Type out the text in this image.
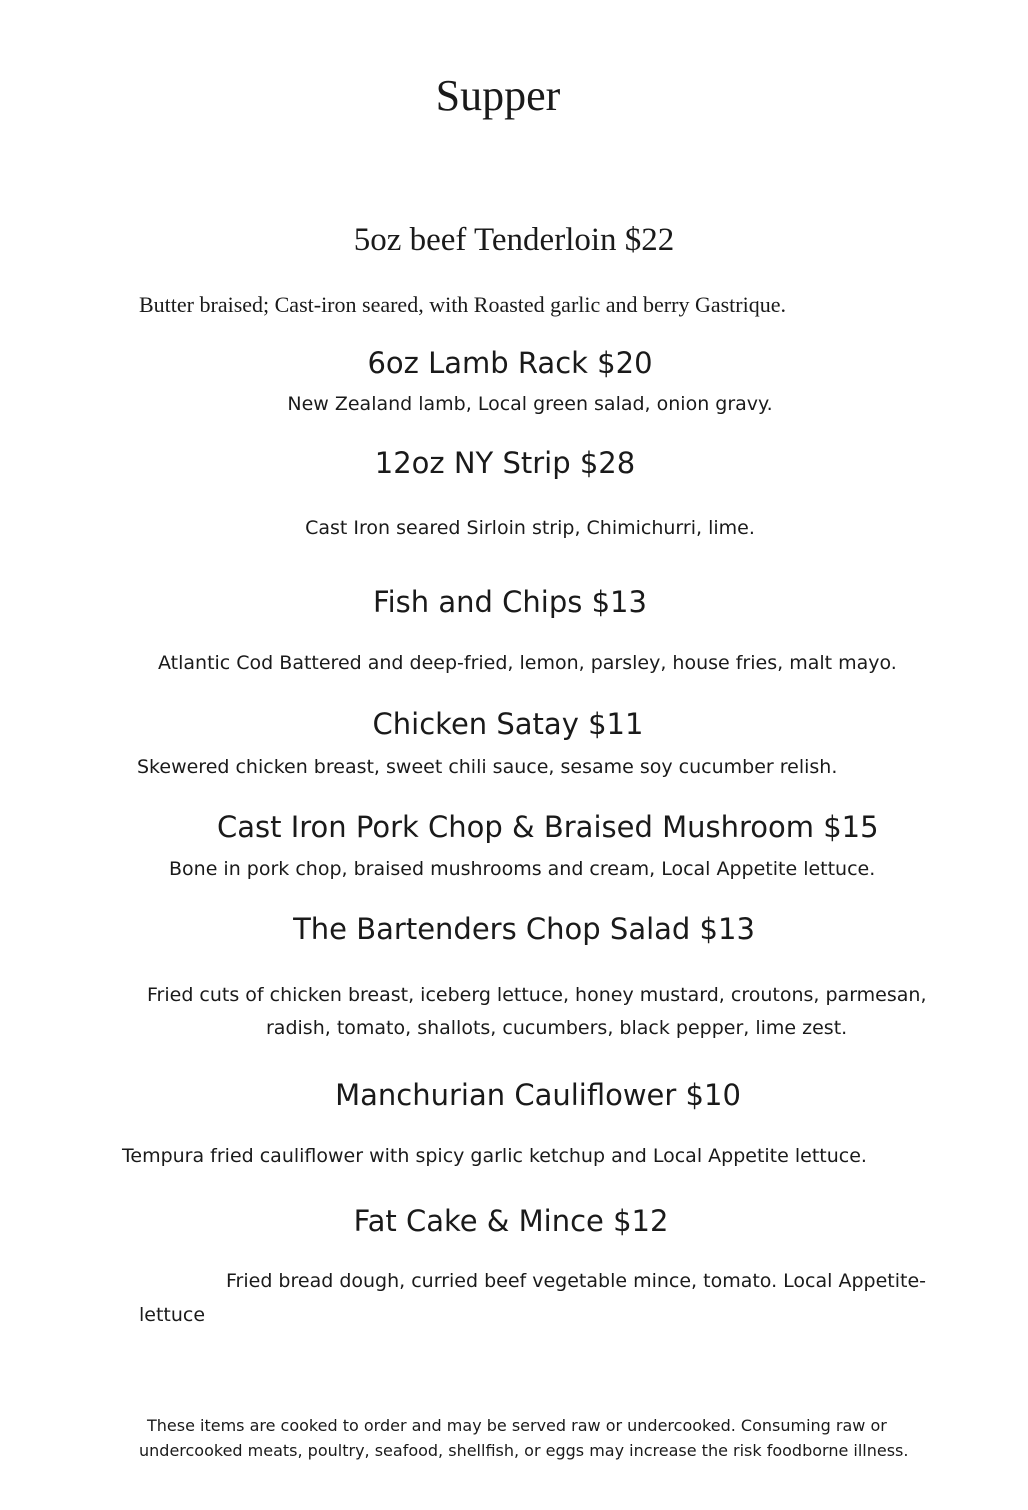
Supper
5oz beef Tenderloin $22
Butter braised; Cast-iron seared, with Roasted garlic and berry Gastrique.
6oz Lamb Rack $20
New Zealand lamb, Local green salad, onion gravy.
12oz NY Strip $28
Cast Iron seared Sirloin strip, Chimichurri, lime.
Fish and Chips $13
Atlantic Cod Battered and deep-fried, lemon, parsley, house fries, malt mayo.
Chicken Satay $11
Skewered chicken breast, sweet chili sauce, sesame soy cucumber relish.
Cast Iron Pork Chop & Braised Mushroom $15
Bone in pork chop, braised mushrooms and cream, Local Appetite lettuce.
The Bartenders Chop Salad $13
Fried cuts of chicken breast, iceberg lettuce, honey mustard, croutons, parmesan,
radish, tomato, shallots, cucumbers, black pepper, lime zest.
Manchurian Cauliflower $10
Tempura fried cauliflower with spicy garlic ketchup and Local Appetite lettuce.
Fat Cake & Mince $12
Fried bread dough, curried beef vegetable mince, tomato. Local Appetite-
lettuce
These items are cooked to order and may be served raw or undercooked. Consuming raw or
undercooked meats, poultry, seafood, shellfish, or eggs may increase the risk foodborne illness.
